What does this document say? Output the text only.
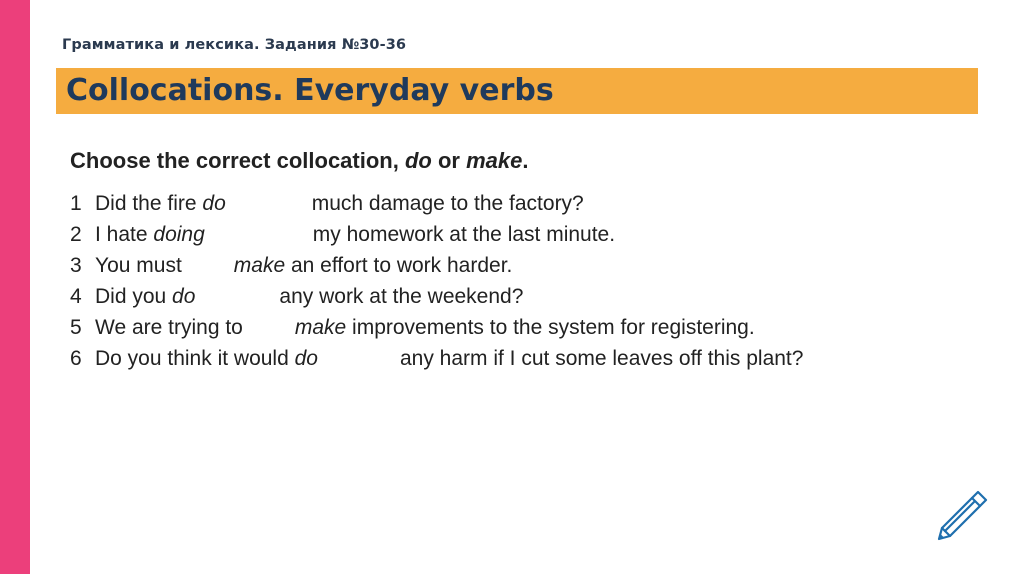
Грамматика и лексика. Задания №30-36
Collocations. Everyday verbs
Choose the correct collocation, do or make.
1 Did the fire do	much damage to the factory?
2 I hate doing	my homework at the last minute.
3 You must make an effort to work harder.
4 Did you do	any work at the weekend?
5 We are trying to make improvements to the system for registering.
6 Do you think it would do	any harm if I cut some leaves off this plant?
